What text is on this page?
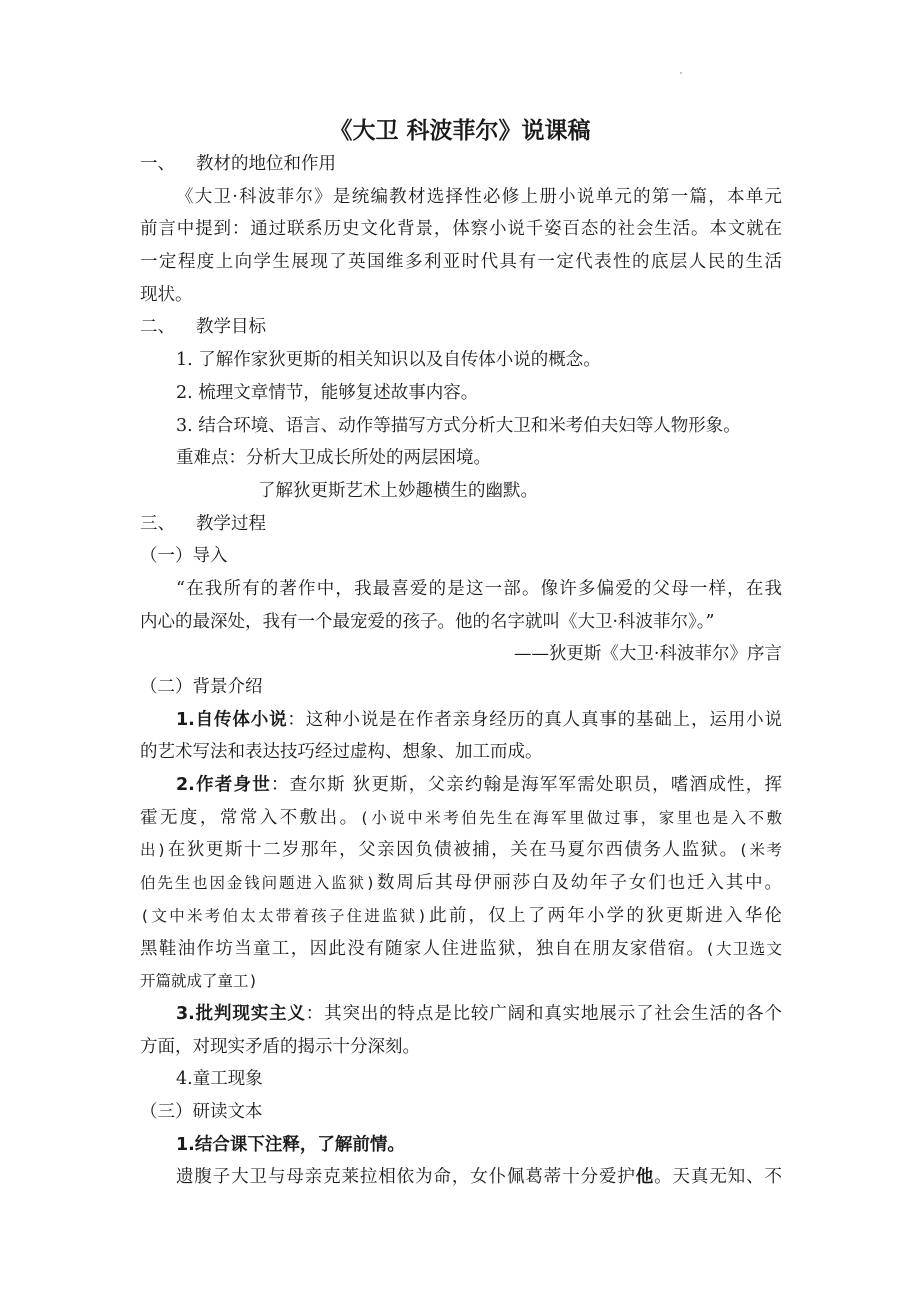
《大卫 科波菲尔》说课稿
一、 教材的地位和作用
《大卫·科波菲尔》是统编教材选择性必修上册小说单元的第一篇，本单元
前言中提到：通过联系历史文化背景，体察小说千姿百态的社会生活。本文就在
一定程度上向学生展现了英国维多利亚时代具有一定代表性的底层人民的生活
现状。
二、 教学目标
1. 了解作家狄更斯的相关知识以及自传体小说的概念。
2. 梳理文章情节，能够复述故事内容。
3. 结合环境、语言、动作等描写方式分析大卫和米考伯夫妇等人物形象。
重难点：分析大卫成长所处的两层困境。
了解狄更斯艺术上妙趣横生的幽默。
三、 教学过程
（一）导入
“在我所有的著作中，我最喜爱的是这一部。像许多偏爱的父母一样，在我
内心的最深处，我有一个最宠爱的孩子。他的名字就叫《大卫·科波菲尔》。”
——狄更斯《大卫·科波菲尔》序言
（二）背景介绍
1.自传体小说：这种小说是在作者亲身经历的真人真事的基础上，运用小说
的艺术写法和表达技巧经过虚构、想象、加工而成。
2.作者身世：查尔斯 狄更斯，父亲约翰是海军军需处职员，嗜酒成性，挥
霍无度，常常入不敷出。(小说中米考伯先生在海军里做过事，家里也是入不敷
出)在狄更斯十二岁那年，父亲因负债被捕，关在马夏尔西债务人监狱。(米考
伯先生也因金钱问题进入监狱)数周后其母伊丽莎白及幼年子女们也迁入其中。
(文中米考伯太太带着孩子住进监狱)此前，仅上了两年小学的狄更斯进入华伦
黑鞋油作坊当童工，因此没有随家人住进监狱，独自在朋友家借宿。(大卫选文
开篇就成了童工)
3.批判现实主义：其突出的特点是比较广阔和真实地展示了社会生活的各个
方面，对现实矛盾的揭示十分深刻。
4.童工现象
（三）研读文本
1.结合课下注释，了解前情。
遗腹子大卫与母亲克莱拉相依为命，女仆佩葛蒂十分爱护他。天真无知、不
